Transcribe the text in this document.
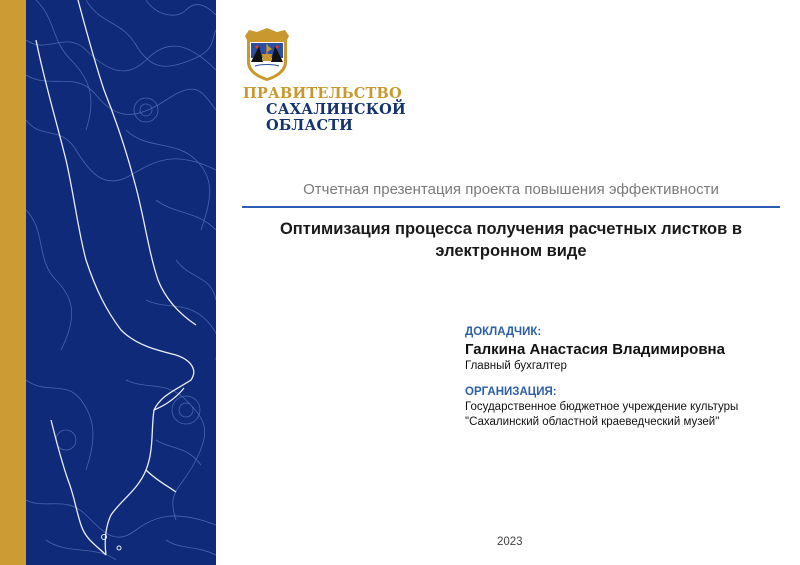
ПРАВИТЕЛЬСТВО
САХАЛИНСКОЙ
ОБЛАСТИ
Отчетная презентация проекта повышения эффективности
Оптимизация процесса получения расчетных листков в электронном виде
ДОКЛАДЧИК:
Галкина Анастасия Владимировна
Главный бухгалтер
ОРГАНИЗАЦИЯ:
Государственное бюджетное учреждение культуры
"Сахалинский областной краеведческий музей"
2023
